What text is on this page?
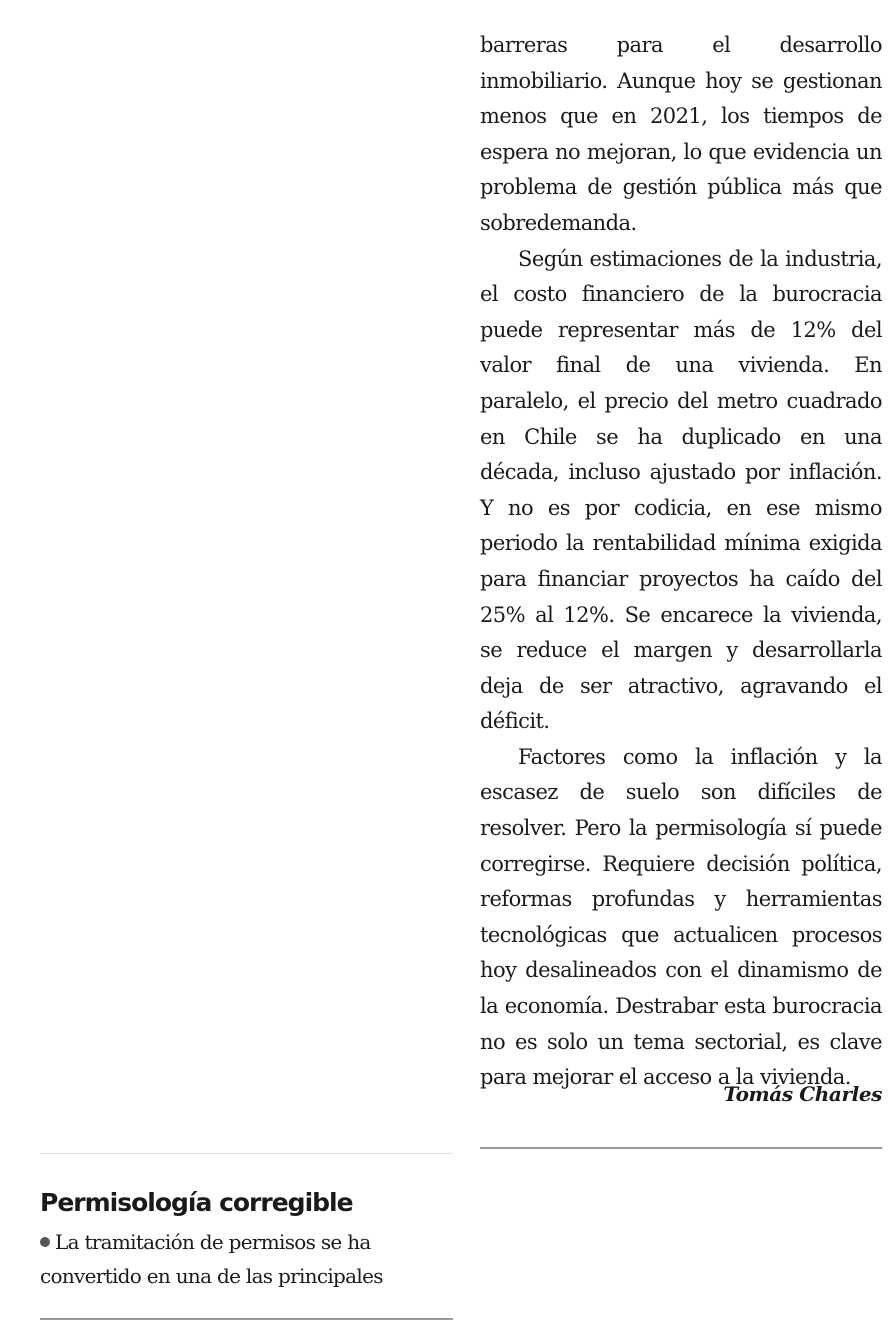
barreras para el desarrollo inmobiliario. Aunque hoy se gestionan menos que en 2021, los tiempos de espera no mejoran, lo que evidencia un problema de gestión pública más que sobredemanda.

Según estimaciones de la industria, el costo financiero de la burocracia puede representar más de 12% del valor final de una vivienda. En paralelo, el precio del metro cuadrado en Chile se ha duplicado en una década, incluso ajustado por inflación. Y no es por codicia, en ese mismo periodo la rentabilidad mínima exigida para financiar proyectos ha caído del 25% al 12%. Se encarece la vivienda, se reduce el margen y desarrollarla deja de ser atractivo, agravando el déficit.

Factores como la inflación y la escasez de suelo son difíciles de resolver. Pero la permisología sí puede corregirse. Requiere decisión política, reformas profundas y herramientas tecnológicas que actualicen procesos hoy desalineados con el dinamismo de la economía. Destrabar esta burocracia no es solo un tema sectorial, es clave para mejorar el acceso a la vivienda.

Tomás Charles
Permisología corregible
La tramitación de permisos se ha
convertido en una de las principales
